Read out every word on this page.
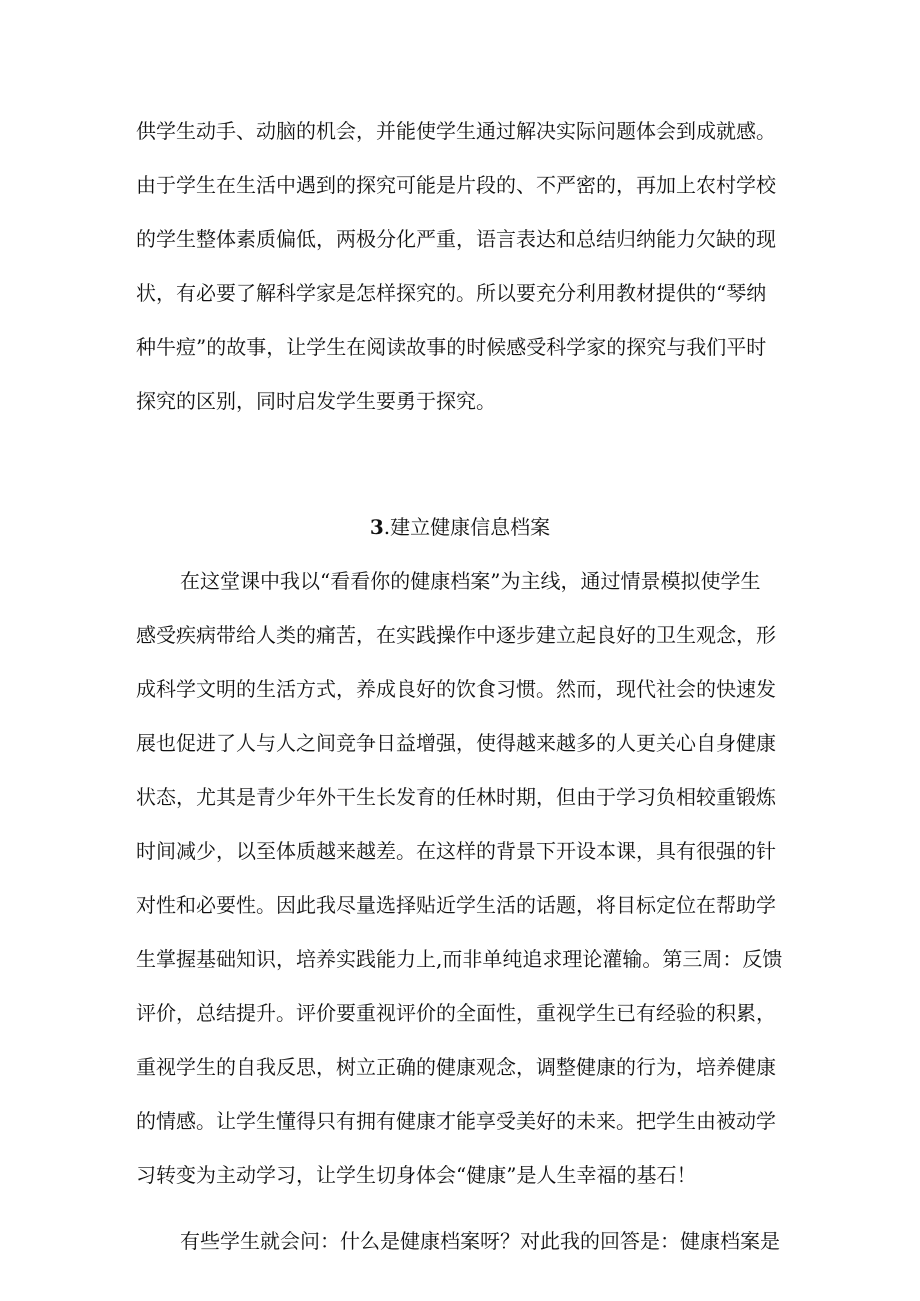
供学生动手、动脑的机会，并能使学生通过解决实际问题体会到成就感。
由于学生在生活中遇到的探究可能是片段的、不严密的，再加上农村学校
的学生整体素质偏低，两极分化严重，语言表达和总结归纳能力欠缺的现
状，有必要了解科学家是怎样探究的。所以要充分利用教材提供的“琴纳
种牛痘”的故事，让学生在阅读故事的时候感受科学家的探究与我们平时
探究的区别，同时启发学生要勇于探究。
3.建立健康信息档案
在这堂课中我以“看看你的健康档案”为主线，通过情景模拟使学生
感受疾病带给人类的痛苦，在实践操作中逐步建立起良好的卫生观念，形
成科学文明的生活方式，养成良好的饮食习惯。然而，现代社会的快速发
展也促进了人与人之间竞争日益增强，使得越来越多的人更关心自身健康
状态，尤其是青少年外干生长发育的任林时期，但由于学习负相较重锻炼
时间减少，以至体质越来越差。在这样的背景下开设本课，具有很强的针
对性和必要性。因此我尽量选择贴近学生活的话题，将目标定位在帮助学
生掌握基础知识，培养实践能力上,而非单纯追求理论灌输。第三周：反馈
评价，总结提升。评价要重视评价的全面性，重视学生已有经验的积累，
重视学生的自我反思，树立正确的健康观念，调整健康的行为，培养健康
的情感。让学生懂得只有拥有健康才能享受美好的未来。把学生由被动学
习转变为主动学习，让学生切身体会“健康”是人生幸福的基石！
有些学生就会问：什么是健康档案呀？对此我的回答是：健康档案是
